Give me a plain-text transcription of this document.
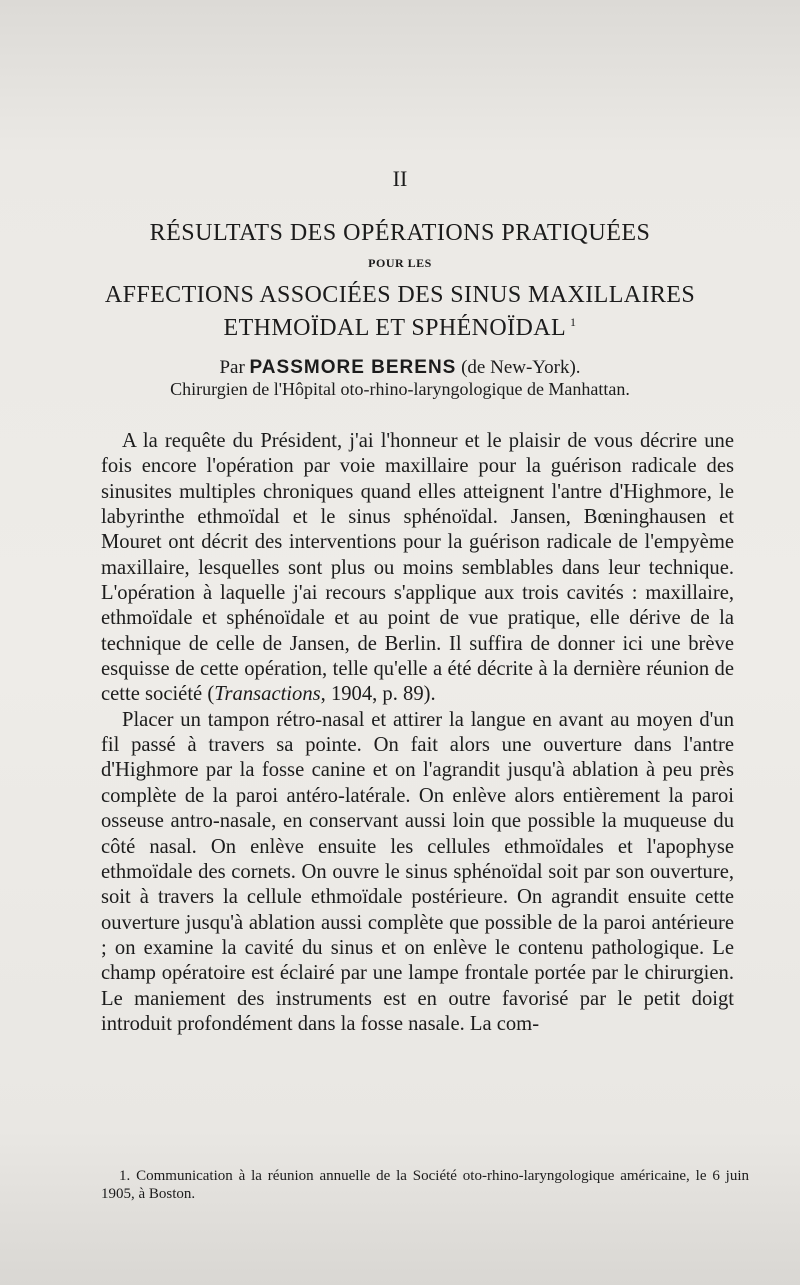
II
RÉSULTATS DES OPÉRATIONS PRATIQUÉES
POUR LES
AFFECTIONS ASSOCIÉES DES SINUS MAXILLAIRES
ETHMOÏDAL ET SPHÉNOÏDAL $^1$
Par PASSMORE BERENS (de New-York).
Chirurgien de l'Hôpital oto-rhino-laryngologique de Manhattan.

A la requête du Président, j'ai l'honneur et le plaisir de vous décrire une fois encore l'opération par voie maxillaire pour la guérison radicale des sinusites multiples chroniques quand elles atteignent l'antre d'Highmore, le labyrinthe ethmoïdal et le sinus sphénoïdal. Jansen, Bœninghausen et Mouret ont décrit des interventions pour la guérison radicale de l'empyème maxillaire, lesquelles sont plus ou moins semblables dans leur technique. L'opération à laquelle j'ai recours s'applique aux trois cavités : maxillaire, ethmoïdale et sphénoïdale et au point de vue pratique, elle dérive de la technique de celle de Jansen, de Berlin. Il suffira de donner ici une brève esquisse de cette opération, telle qu'elle a été décrite à la dernière réunion de cette société (Transactions, 1904, p. 89).

Placer un tampon rétro-nasal et attirer la langue en avant au moyen d'un fil passé à travers sa pointe. On fait alors une ouverture dans l'antre d'Highmore par la fosse canine et on l'agrandit jusqu'à ablation à peu près complète de la paroi antéro-latérale. On enlève alors entièrement la paroi osseuse antro-nasale, en conservant aussi loin que possible la muqueuse du côté nasal. On enlève ensuite les cellules ethmoïdales et l'apophyse ethmoïdale des cornets. On ouvre le sinus sphénoïdal soit par son ouverture, soit à travers la cellule ethmoïdale postérieure. On agrandit ensuite cette ouverture jusqu'à ablation aussi complète que possible de la paroi antérieure ; on examine la cavité du sinus et on enlève le contenu pathologique. Le champ opératoire est éclairé par une lampe frontale portée par le chirurgien. Le maniement des instruments est en outre favorisé par le petit doigt introduit profondément dans la fosse nasale. La com-

1. Communication à la réunion annuelle de la Société oto-rhino-laryngologique américaine, le 6 juin 1905, à Boston.
